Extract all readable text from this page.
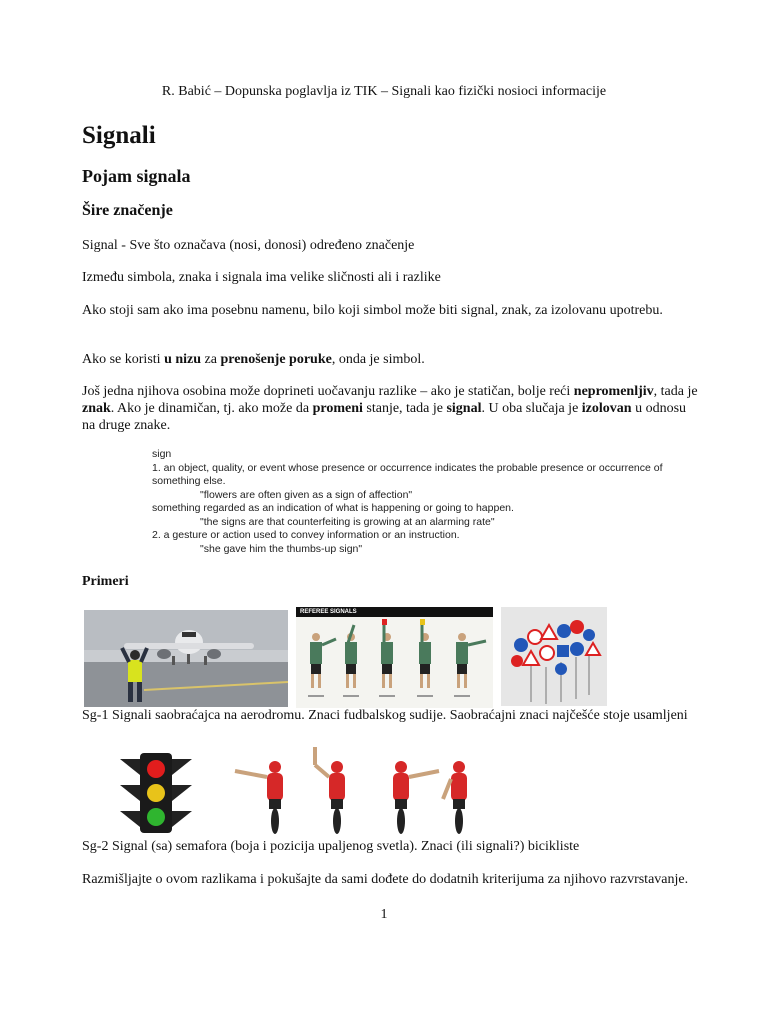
R. Babić – Dopunska poglavlja iz TIK – Signali kao fizički nosioci informacije
Signali
Pojam signala
Šire značenje
Signal - Sve što označava (nosi, donosi) određeno značenje
Između simbola, znaka i signala ima velike sličnosti ali i razlike
Ako stoji sam ako ima posebnu namenu, bilo koji simbol može biti signal, znak, za izolovanu upotrebu.
Ako se koristi u nizu za prenošenje poruke, onda je simbol.
Još jedna njihova osobina može doprineti uočavanju razlike – ako je statičan, bolje reći nepromenljiv, tada je znak. Ako je dinamičan, tj. ako može da promeni stanje, tada je signal. U oba slučaja je izolovan u odnosu na druge znake.
sign
1. an object, quality, or event whose presence or occurrence indicates the probable presence or occurrence of something else.
"flowers are often given as a sign of affection"
something regarded as an indication of what is happening or going to happen.
"the signs are that counterfeiting is growing at an alarming rate"
2. a gesture or action used to convey information or an instruction.
"she gave him the thumbs-up sign"
Primeri
REFEREE SIGNALS
Sg-1 Signali saobraćajca na aerodromu. Znaci fudbalskog sudije. Saobraćajni znaci najčešće stoje usamljeni
Sg-2 Signal (sa) semafora (boja i pozicija upaljenog svetla). Znaci (ili signali?) bicikliste
Razmišljajte o ovom razlikama i pokušajte da sami dođete do dodatnih kriterijuma za njihovo razvrstavanje.
1
